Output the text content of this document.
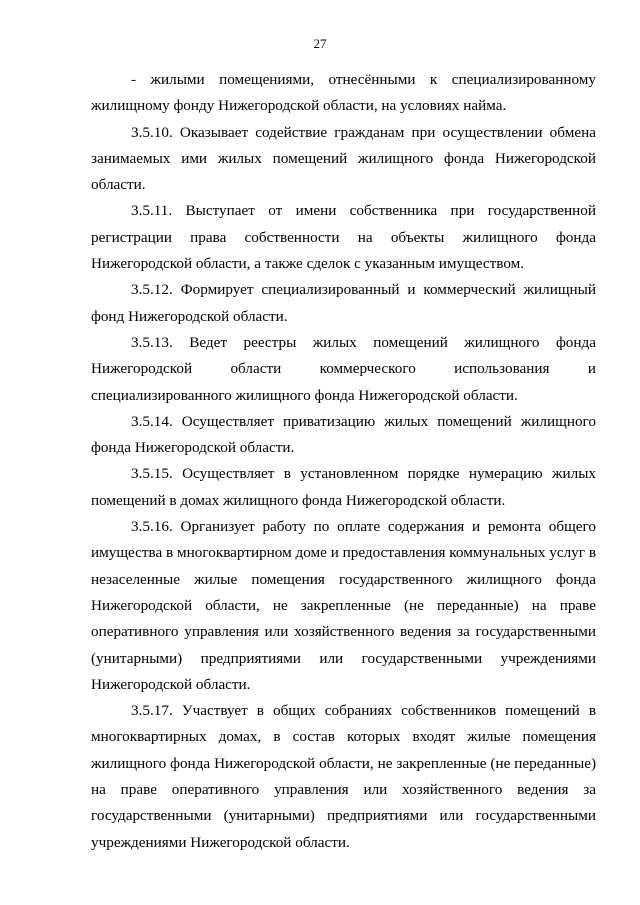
27

- жилыми помещениями, отнесёнными к специализированному жилищному фонду Нижегородской области, на условиях найма.

3.5.10. Оказывает содействие гражданам при осуществлении обмена занимаемых ими жилых помещений жилищного фонда Нижегородской области.

3.5.11. Выступает от имени собственника при государственной регистрации права собственности на объекты жилищного фонда Нижегородской области, а также сделок с указанным имуществом.

3.5.12. Формирует специализированный и коммерческий жилищный фонд Нижегородской области.

3.5.13. Ведет реестры жилых помещений жилищного фонда Нижегородской области коммерческого использования и специализированного жилищного фонда Нижегородской области.

3.5.14. Осуществляет приватизацию жилых помещений жилищного фонда Нижегородской области.

3.5.15. Осуществляет в установленном порядке нумерацию жилых помещений в домах жилищного фонда Нижегородской области.

3.5.16. Организует работу по оплате содержания и ремонта общего имущества в многоквартирном доме и предоставления коммунальных услуг в незаселенные жилые помещения государственного жилищного фонда Нижегородской области, не закрепленные (не переданные) на праве оперативного управления или хозяйственного ведения за государственными (унитарными) предприятиями или государственными учреждениями Нижегородской области.

3.5.17. Участвует в общих собраниях собственников помещений в многоквартирных домах, в состав которых входят жилые помещения жилищного фонда Нижегородской области, не закрепленные (не переданные) на праве оперативного управления или хозяйственного ведения за государственными (унитарными) предприятиями или государственными учреждениями Нижегородской области.
